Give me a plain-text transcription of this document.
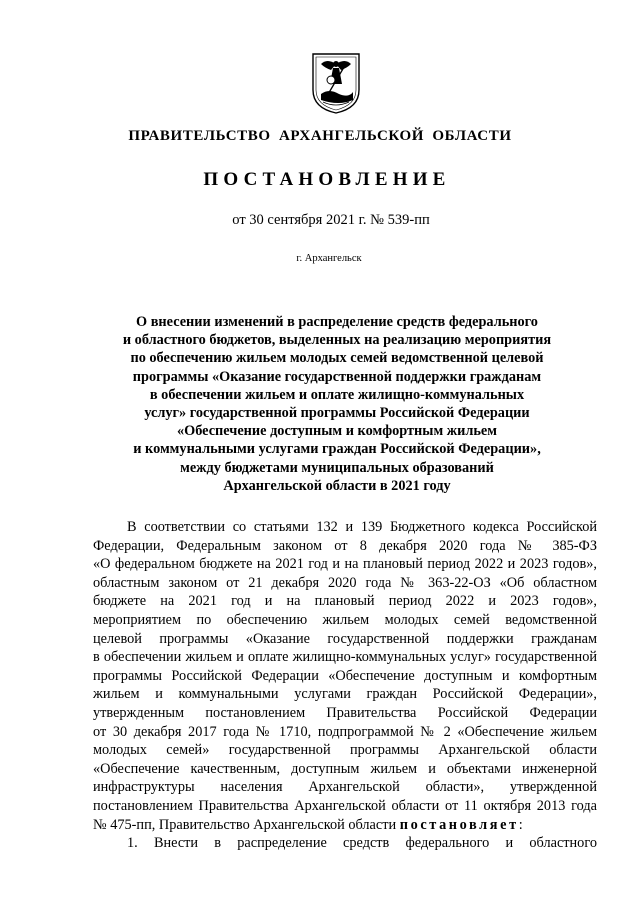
ПРАВИТЕЛЬСТВО АРХАНГЕЛЬСКОЙ ОБЛАСТИ
ПОСТАНОВЛЕНИЕ
от 30 сентября 2021 г. № 539-пп
г. Архангельск
О внесении изменений в распределение средств федерального
и областного бюджетов, выделенных на реализацию мероприятия
по обеспечению жильем молодых семей ведомственной целевой
программы «Оказание государственной поддержки гражданам
в обеспечении жильем и оплате жилищно-коммунальных
услуг» государственной программы Российской Федерации
«Обеспечение доступным и комфортным жильем
и коммунальными услугами граждан Российской Федерации»,
между бюджетами муниципальных образований
Архангельской области в 2021 году
В соответствии со статьями 132 и 139 Бюджетного кодекса Российской
Федерации, Федеральным законом от 8 декабря 2020 года № 385-ФЗ
«О федеральном бюджете на 2021 год и на плановый период 2022 и 2023 годов»,
областным законом от 21 декабря 2020 года № 363-22-ОЗ «Об областном
бюджете на 2021 год и на плановый период 2022 и 2023 годов»,
мероприятием по обеспечению жильем молодых семей ведомственной
целевой программы «Оказание государственной поддержки гражданам
в обеспечении жильем и оплате жилищно-коммунальных услуг» государственной
программы Российской Федерации «Обеспечение доступным и комфортным
жильем и коммунальными услугами граждан Российской Федерации»,
утвержденным постановлением Правительства Российской Федерации
от 30 декабря 2017 года № 1710, подпрограммой № 2 «Обеспечение жильем
молодых семей» государственной программы Архангельской области
«Обеспечение качественным, доступным жильем и объектами инженерной
инфраструктуры населения Архангельской области», утвержденной
постановлением Правительства Архангельской области от 11 октября 2013 года
№ 475-пп, Правительство Архангельской области постановляет:
1. Внести в распределение средств федерального и областного
